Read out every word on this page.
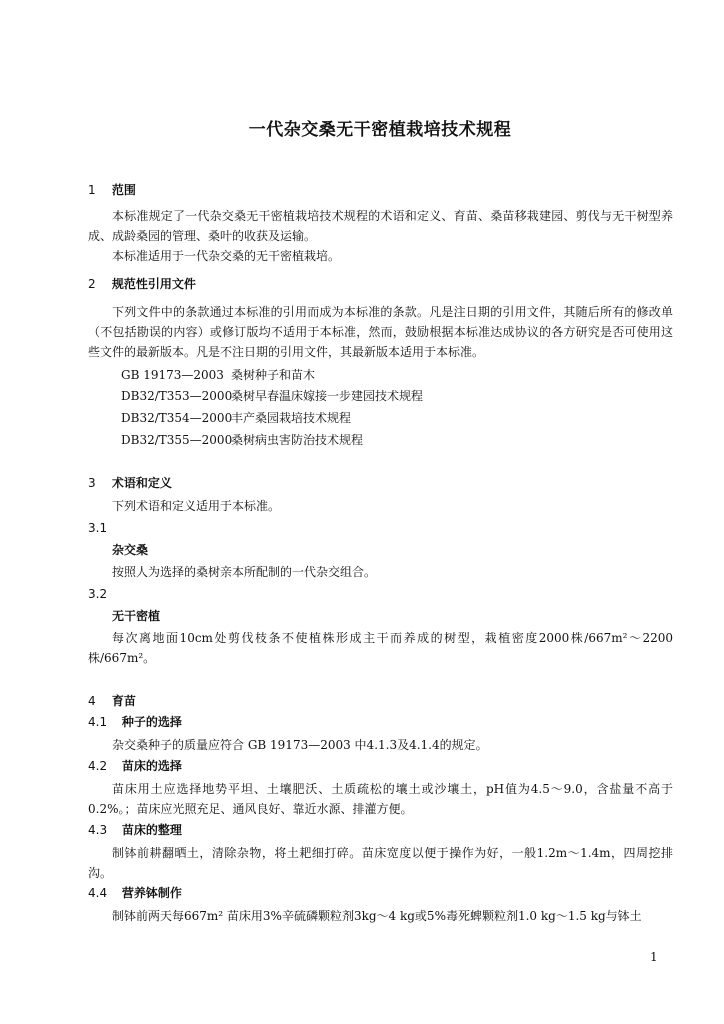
一代杂交桑无干密植栽培技术规程
1 范围
本标准规定了一代杂交桑无干密植栽培技术规程的术语和定义、育苗、桑苗移栽建园、剪伐与无干树型养成、成龄桑园的管理、桑叶的收获及运输。
本标准适用于一代杂交桑的无干密植栽培。
2 规范性引用文件
下列文件中的条款通过本标准的引用而成为本标准的条款。凡是注日期的引用文件，其随后所有的修改单（不包括勘误的内容）或修订版均不适用于本标准，然而，鼓励根据本标准达成协议的各方研究是否可使用这些文件的最新版本。凡是不注日期的引用文件，其最新版本适用于本标准。
GB 19173—2003 桑树种子和苗木
DB32/T353—2000桑树早春温床嫁接一步建园技术规程
DB32/T354—2000丰产桑园栽培技术规程
DB32/T355—2000桑树病虫害防治技术规程
3 术语和定义
下列术语和定义适用于本标准。
3.1
杂交桑
按照人为选择的桑树亲本所配制的一代杂交组合。
3.2
无干密植
每次离地面10cm处剪伐枝条不使植株形成主干而养成的树型，栽植密度2000株/667m²～2200株/667m²。
4 育苗
4.1 种子的选择
杂交桑种子的质量应符合 GB 19173—2003 中4.1.3及4.1.4的规定。
4.2 苗床的选择
苗床用土应选择地势平坦、土壤肥沃、土质疏松的壤土或沙壤土，pH值为4.5～9.0，含盐量不高于0.2%。；苗床应光照充足、通风良好、靠近水源、排灌方便。
4.3 苗床的整理
制钵前耕翻晒土，清除杂物，将土耙细打碎。苗床宽度以便于操作为好，一般1.2m～1.4m，四周挖排沟。
4.4 营养钵制作
制钵前两天每667m² 苗床用3%辛硫磷颗粒剂3kg～4 kg或5%毒死蜱颗粒剂1.0 kg～1.5 kg与钵土
1
